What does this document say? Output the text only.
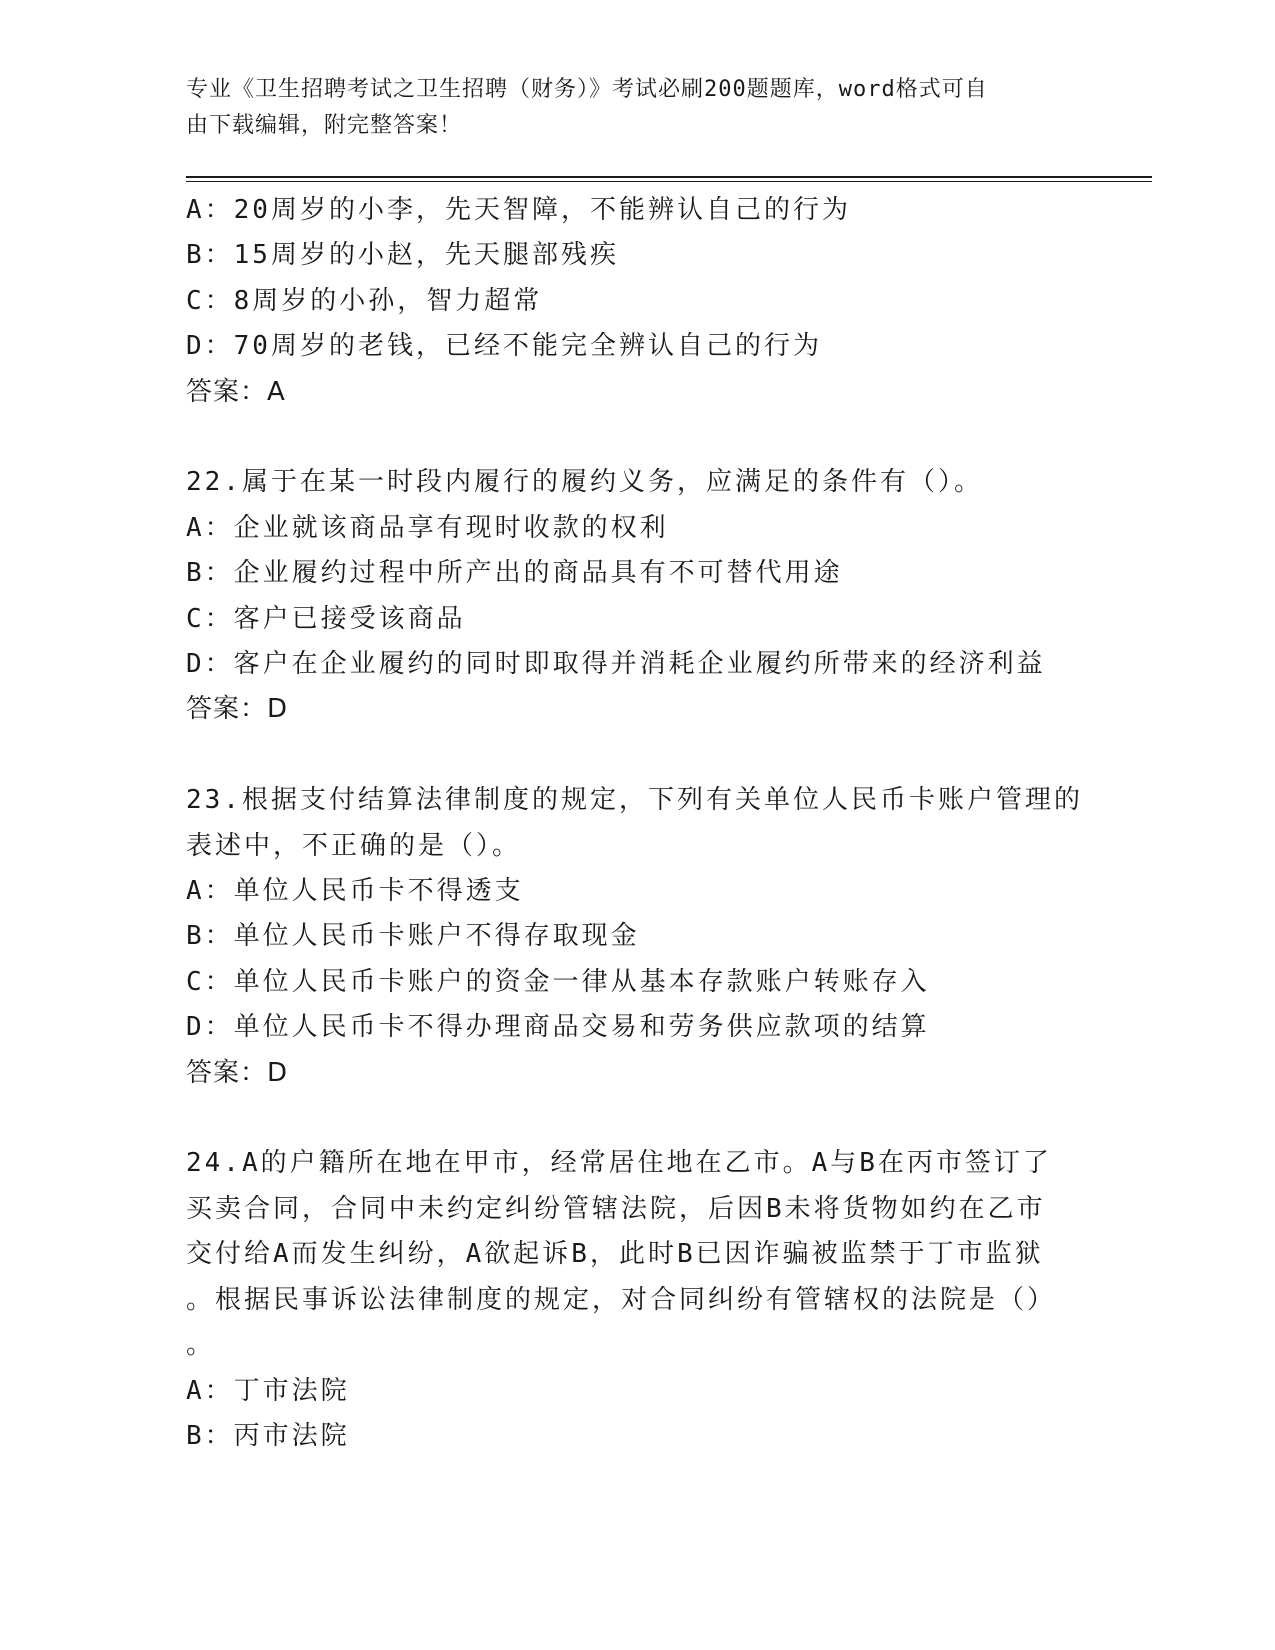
专业《卫生招聘考试之卫生招聘（财务）》考试必刷200题题库，word格式可自
由下载编辑，附完整答案！
A：20周岁的小李，先天智障，不能辨认自己的行为
B：15周岁的小赵，先天腿部残疾
C：8周岁的小孙，智力超常
D：70周岁的老钱，已经不能完全辨认自己的行为
答案：A
22.属于在某一时段内履行的履约义务，应满足的条件有（）。
A：企业就该商品享有现时收款的权利
B：企业履约过程中所产出的商品具有不可替代用途
C：客户已接受该商品
D：客户在企业履约的同时即取得并消耗企业履约所带来的经济利益
答案：D
23.根据支付结算法律制度的规定，下列有关单位人民币卡账户管理的
表述中，不正确的是（）。
A：单位人民币卡不得透支
B：单位人民币卡账户不得存取现金
C：单位人民币卡账户的资金一律从基本存款账户转账存入
D：单位人民币卡不得办理商品交易和劳务供应款项的结算
答案：D
24.A的户籍所在地在甲市，经常居住地在乙市。A与B在丙市签订了
买卖合同，合同中未约定纠纷管辖法院，后因B未将货物如约在乙市
交付给A而发生纠纷，A欲起诉B，此时B已因诈骗被监禁于丁市监狱
。根据民事诉讼法律制度的规定，对合同纠纷有管辖权的法院是（）
。
A：丁市法院
B：丙市法院
